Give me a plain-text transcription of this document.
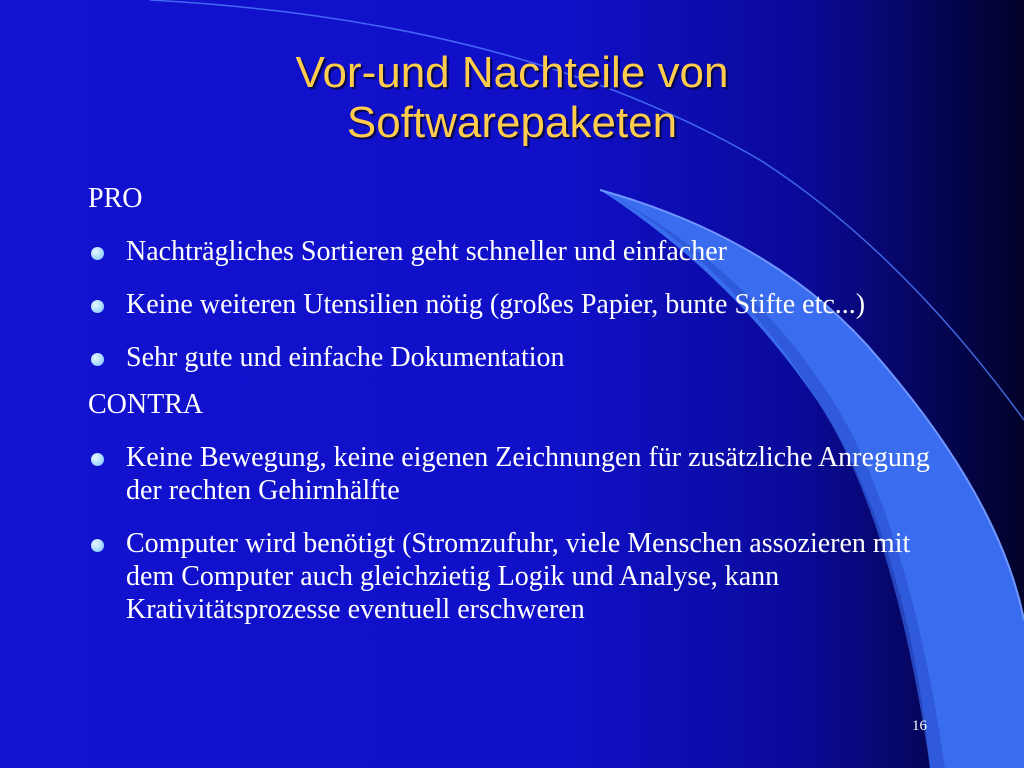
Vor-und Nachteile von Softwarepaketen

PRO

Nachträgliches Sortieren geht schneller und einfacher
Keine weiteren Utensilien nötig (großes Papier, bunte Stifte etc...)
Sehr gute und einfache Dokumentation

CONTRA

Keine Bewegung, keine eigenen Zeichnungen für zusätzliche Anregung der rechten Gehirnhälfte
Computer wird benötigt (Stromzufuhr, viele Menschen assozieren mit dem Computer auch gleichzietig Logik und Analyse, kann Krativitätsprozesse eventuell erschweren
16
